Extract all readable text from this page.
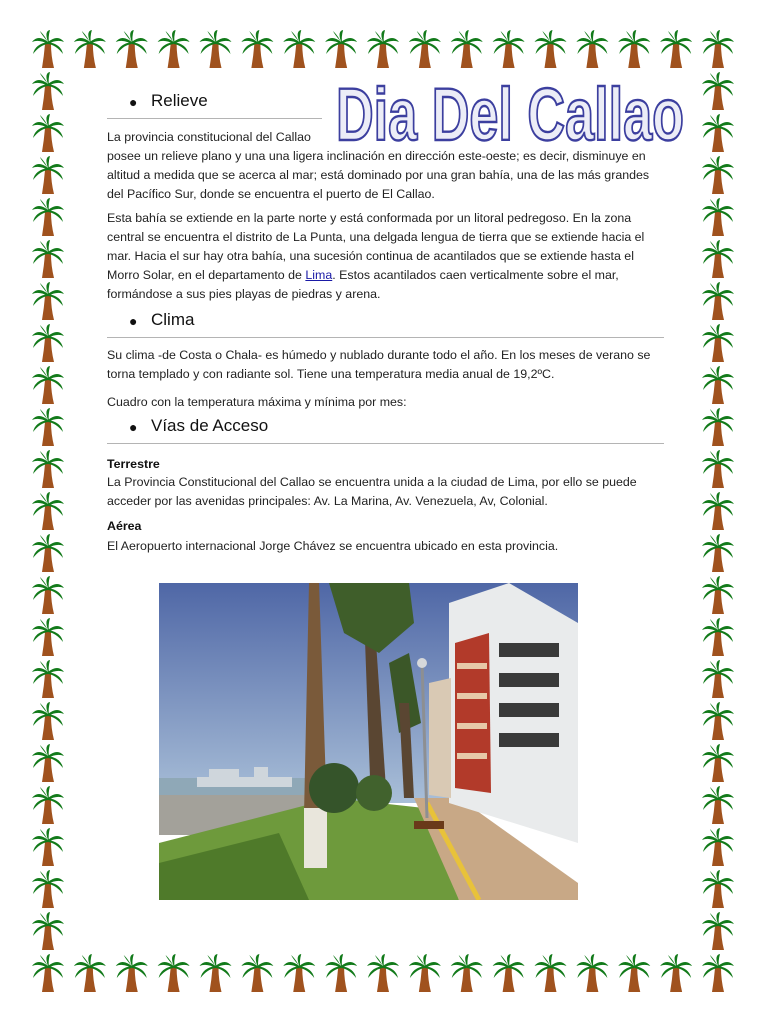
Dia Del Callao
● Relieve

La provincia constitucional del Callao

posee un relieve plano y una una ligera inclinación en dirección este-oeste; es decir, disminuye en altitud a medida que se acerca al mar; está dominado por una gran bahía, una de las más grandes del Pacífico Sur, donde se encuentra el puerto de El Callao.

Esta bahía se extiende en la parte norte y está conformada por un litoral pedregoso. En la zona central se encuentra el distrito de La Punta, una delgada lengua de tierra que se extiende hacia el mar. Hacia el sur hay otra bahía, una sucesión continua de acantilados que se extiende hasta el Morro Solar, en el departamento de Lima. Estos acantilados caen verticalmente sobre el mar, formándose a sus pies playas de piedras y arena.

● Clima

Su clima -de Costa o Chala- es húmedo y nublado durante todo el año. En los meses de verano se torna templado y con radiante sol. Tiene una temperatura media anual de 19,2ºC.

Cuadro con la temperatura máxima y mínima por mes:

● Vías de Acceso
Terrestre

La Provincia Constitucional del Callao se encuentra unida a la ciudad de Lima, por ello se puede acceder por las avenidas principales: Av. La Marina, Av. Venezuela, Av, Colonial.

Aérea

El Aeropuerto internacional Jorge Chávez se encuentra ubicado en esta provincia.
